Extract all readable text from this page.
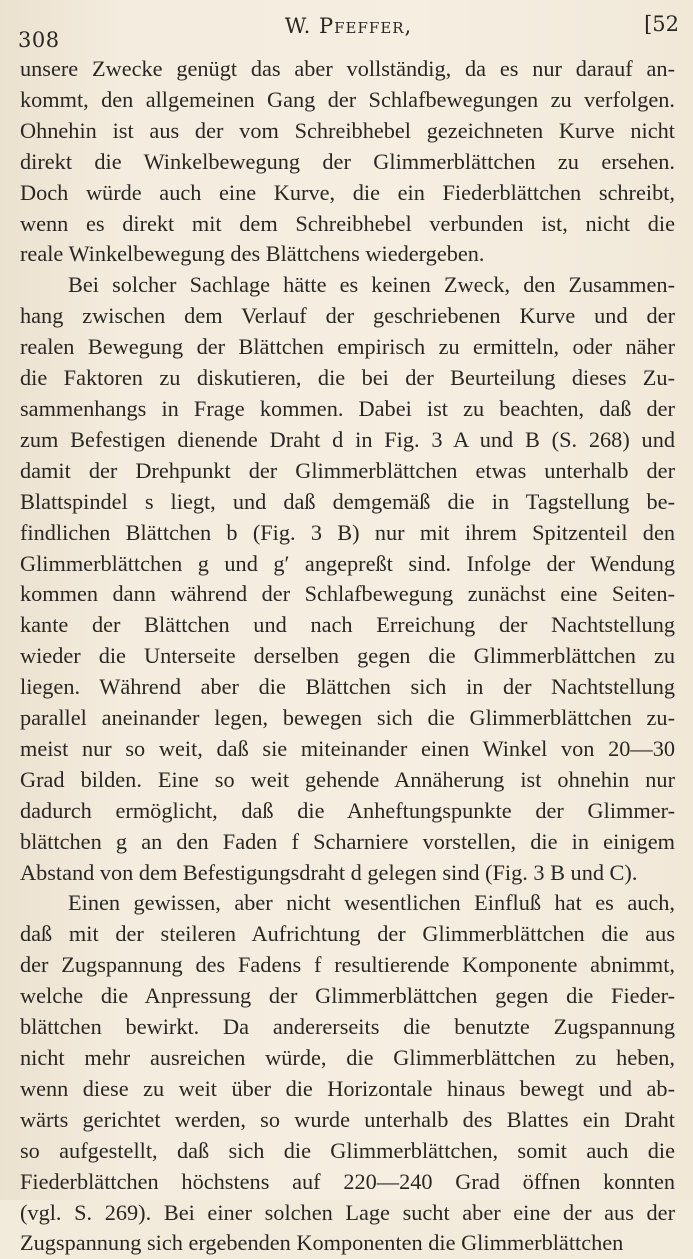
308
W. Pfeffer,	[52

unsere Zwecke genügt das aber vollständig, da es nur darauf an-
kommt, den allgemeinen Gang der Schlafbewegungen zu verfolgen.
Ohnehin ist aus der vom Schreibhebel gezeichneten Kurve nicht
direkt die Winkelbewegung der Glimmerblättchen zu ersehen.
Doch würde auch eine Kurve, die ein Fiederblättchen schreibt,
wenn es direkt mit dem Schreibhebel verbunden ist, nicht die
reale Winkelbewegung des Blättchens wiedergeben.

Bei solcher Sachlage hätte es keinen Zweck, den Zusammen-
hang zwischen dem Verlauf der geschriebenen Kurve und der
realen Bewegung der Blättchen empirisch zu ermitteln, oder näher
die Faktoren zu diskutieren, die bei der Beurteilung dieses Zu-
sammenhangs in Frage kommen. Dabei ist zu beachten, daß der
zum Befestigen dienende Draht d in Fig. 3 A und B (S. 268) und
damit der Drehpunkt der Glimmerblättchen etwas unterhalb der
Blattspindel s liegt, und daß demgemäß die in Tagstellung be-
findlichen Blättchen b (Fig. 3 B) nur mit ihrem Spitzenteil den
Glimmerblättchen g und g′ angepreßt sind. Infolge der Wendung
kommen dann während der Schlafbewegung zunächst eine Seiten-
kante der Blättchen und nach Erreichung der Nachtstellung
wieder die Unterseite derselben gegen die Glimmerblättchen zu
liegen. Während aber die Blättchen sich in der Nachtstellung
parallel aneinander legen, bewegen sich die Glimmerblättchen zu-
meist nur so weit, daß sie miteinander einen Winkel von 20—30
Grad bilden. Eine so weit gehende Annäherung ist ohnehin nur
dadurch ermöglicht, daß die Anheftungspunkte der Glimmer-
blättchen g an den Faden f Scharniere vorstellen, die in einigem
Abstand von dem Befestigungsdraht d gelegen sind (Fig. 3 B und C).

Einen gewissen, aber nicht wesentlichen Einfluß hat es auch,
daß mit der steileren Aufrichtung der Glimmerblättchen die aus
der Zugspannung des Fadens f resultierende Komponente abnimmt,
welche die Anpressung der Glimmerblättchen gegen die Fieder-
blättchen bewirkt. Da andererseits die benutzte Zugspannung
nicht mehr ausreichen würde, die Glimmerblättchen zu heben,
wenn diese zu weit über die Horizontale hinaus bewegt und ab-
wärts gerichtet werden, so wurde unterhalb des Blattes ein Draht
so aufgestellt, daß sich die Glimmerblättchen, somit auch die
Fiederblättchen höchstens auf 220—240 Grad öffnen konnten
(vgl. S. 269). Bei einer solchen Lage sucht aber eine der aus der
Zugspannung sich ergebenden Komponenten die Glimmerblättchen
